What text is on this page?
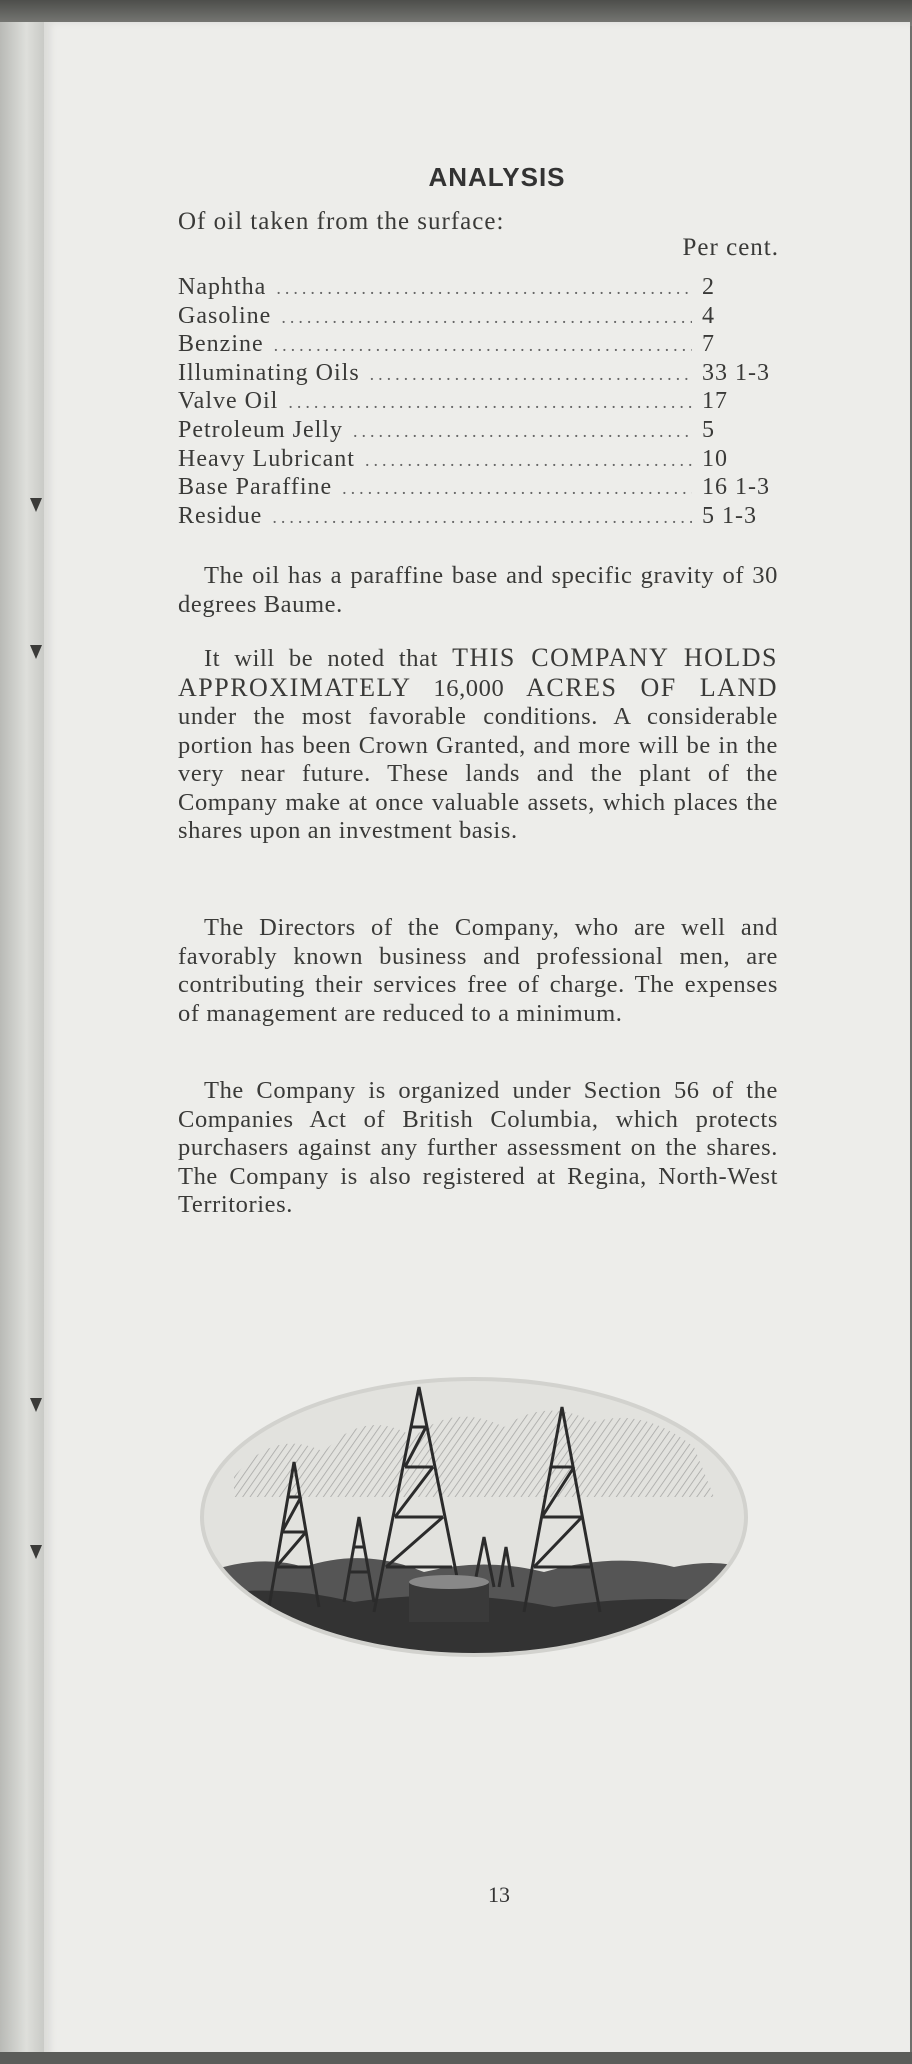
ANALYSIS
Of oil taken from the surface:
Per cent.
Naphtha .....	2
Gasoline .....	4
Benzine .....	7
Illuminating Oils .....	33 1-3
Valve Oil .....	17
Petroleum Jelly .....	5
Heavy Lubricant .....	10
Base Paraffine .....	16 1-3
Residue .....	5 1-3

The oil has a paraffine base and specific gravity of 30 degrees Baume.

It will be noted that THIS COMPANY HOLDS APPROXIMATELY 16,000 ACRES OF LAND under the most favorable conditions. A considerable portion has been Crown Granted, and more will be in the very near future. These lands and the plant of the Company make at once valuable assets, which places the shares upon an investment basis.

The Directors of the Company, who are well and favorably known business and professional men, are contributing their services free of charge. The expenses of management are reduced to a minimum.

The Company is organized under Section 56 of the Companies Act of British Columbia, which protects purchasers against any further assessment on the shares. The Company is also registered at Regina, North-West Territories.

13
